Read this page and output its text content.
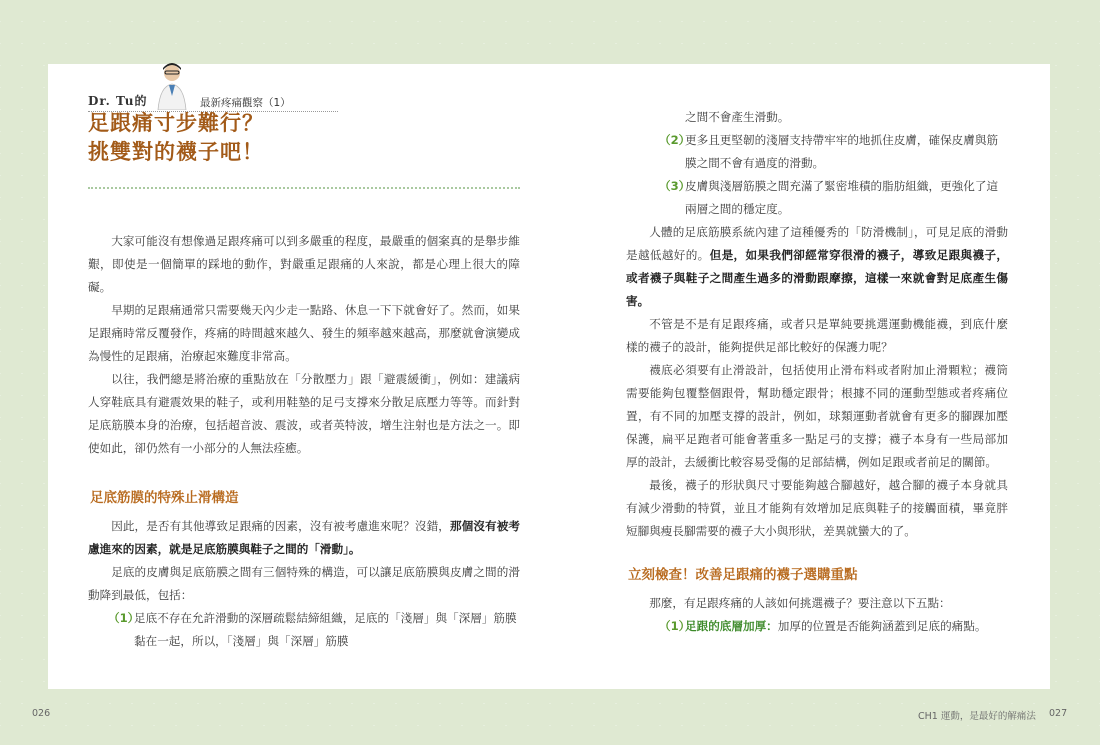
Dr. Tu的	最新疼痛觀察（1）
足跟痛寸步難行？
挑雙對的襪子吧！

大家可能沒有想像過足跟疼痛可以到多嚴重的程度，最嚴重的個案真的是舉步維艱，即使是一個簡單的踩地的動作，對嚴重足跟痛的人來說，都是心理上很大的障礙。

早期的足跟痛通常只需要幾天內少走一點路、休息一下下就會好了。然而，如果足跟痛時常反覆發作，疼痛的時間越來越久、發生的頻率越來越高，那麼就會演變成為慢性的足跟痛，治療起來難度非常高。

以往，我們總是將治療的重點放在「分散壓力」跟「避震緩衝」，例如：建議病人穿鞋底具有避震效果的鞋子，或利用鞋墊的足弓支撐來分散足底壓力等等。而針對足底筋膜本身的治療，包括超音波、震波，或者英特波，增生注射也是方法之一。即使如此，卻仍然有一小部分的人無法痊癒。

足底筋膜的特殊止滑構造

因此，是否有其他導致足跟痛的因素，沒有被考慮進來呢？沒錯，那個沒有被考慮進來的因素，就是足底筋膜與鞋子之間的「滑動」。

足底的皮膚與足底筋膜之間有三個特殊的構造，可以讓足底筋膜與皮膚之間的滑動降到最低，包括：

（1）
足底不存在允許滑動的深層疏鬆結締組織，足底的「淺層」與「深層」筋膜黏在一起，所以，「淺層」與「深層」筋膜
之間不會產生滑動。
（2）
更多且更堅韌的淺層支持帶牢牢的地抓住皮膚，確保皮膚與筋膜之間不會有過度的滑動。
（3）
皮膚與淺層筋膜之間充滿了緊密堆積的脂肪組織，更強化了這兩層之間的穩定度。

人體的足底筋膜系統內建了這種優秀的「防滑機制」，可見足底的滑動是越低越好的。但是，如果我們卻經常穿很滑的襪子，導致足跟與襪子，或者襪子與鞋子之間產生過多的滑動跟摩擦，這樣一來就會對足底產生傷害。

不管是不是有足跟疼痛，或者只是單純要挑選運動機能襪，到底什麼樣的襪子的設計，能夠提供足部比較好的保護力呢？

襪底必須要有止滑設計，包括使用止滑布料或者附加止滑顆粒；襪筒需要能夠包覆整個跟骨，幫助穩定跟骨；根據不同的運動型態或者疼痛位置，有不同的加壓支撐的設計，例如，球類運動者就會有更多的腳踝加壓保護，扁平足跑者可能會著重多一點足弓的支撐；襪子本身有一些局部加厚的設計，去緩衝比較容易受傷的足部結構，例如足跟或者前足的關節。

最後，襪子的形狀與尺寸要能夠越合腳越好，越合腳的襪子本身就具有減少滑動的特質，並且才能夠有效增加足底與鞋子的接觸面積，畢竟胖短腳與瘦長腳需要的襪子大小與形狀，差異就蠻大的了。

立刻檢查！改善足跟痛的襪子選購重點

那麼，有足跟疼痛的人該如何挑選襪子？要注意以下五點：

（1）
足跟的底層加厚：加厚的位置是否能夠涵蓋到足底的痛點。
026	CH1 運動，是最好的解痛法 027
